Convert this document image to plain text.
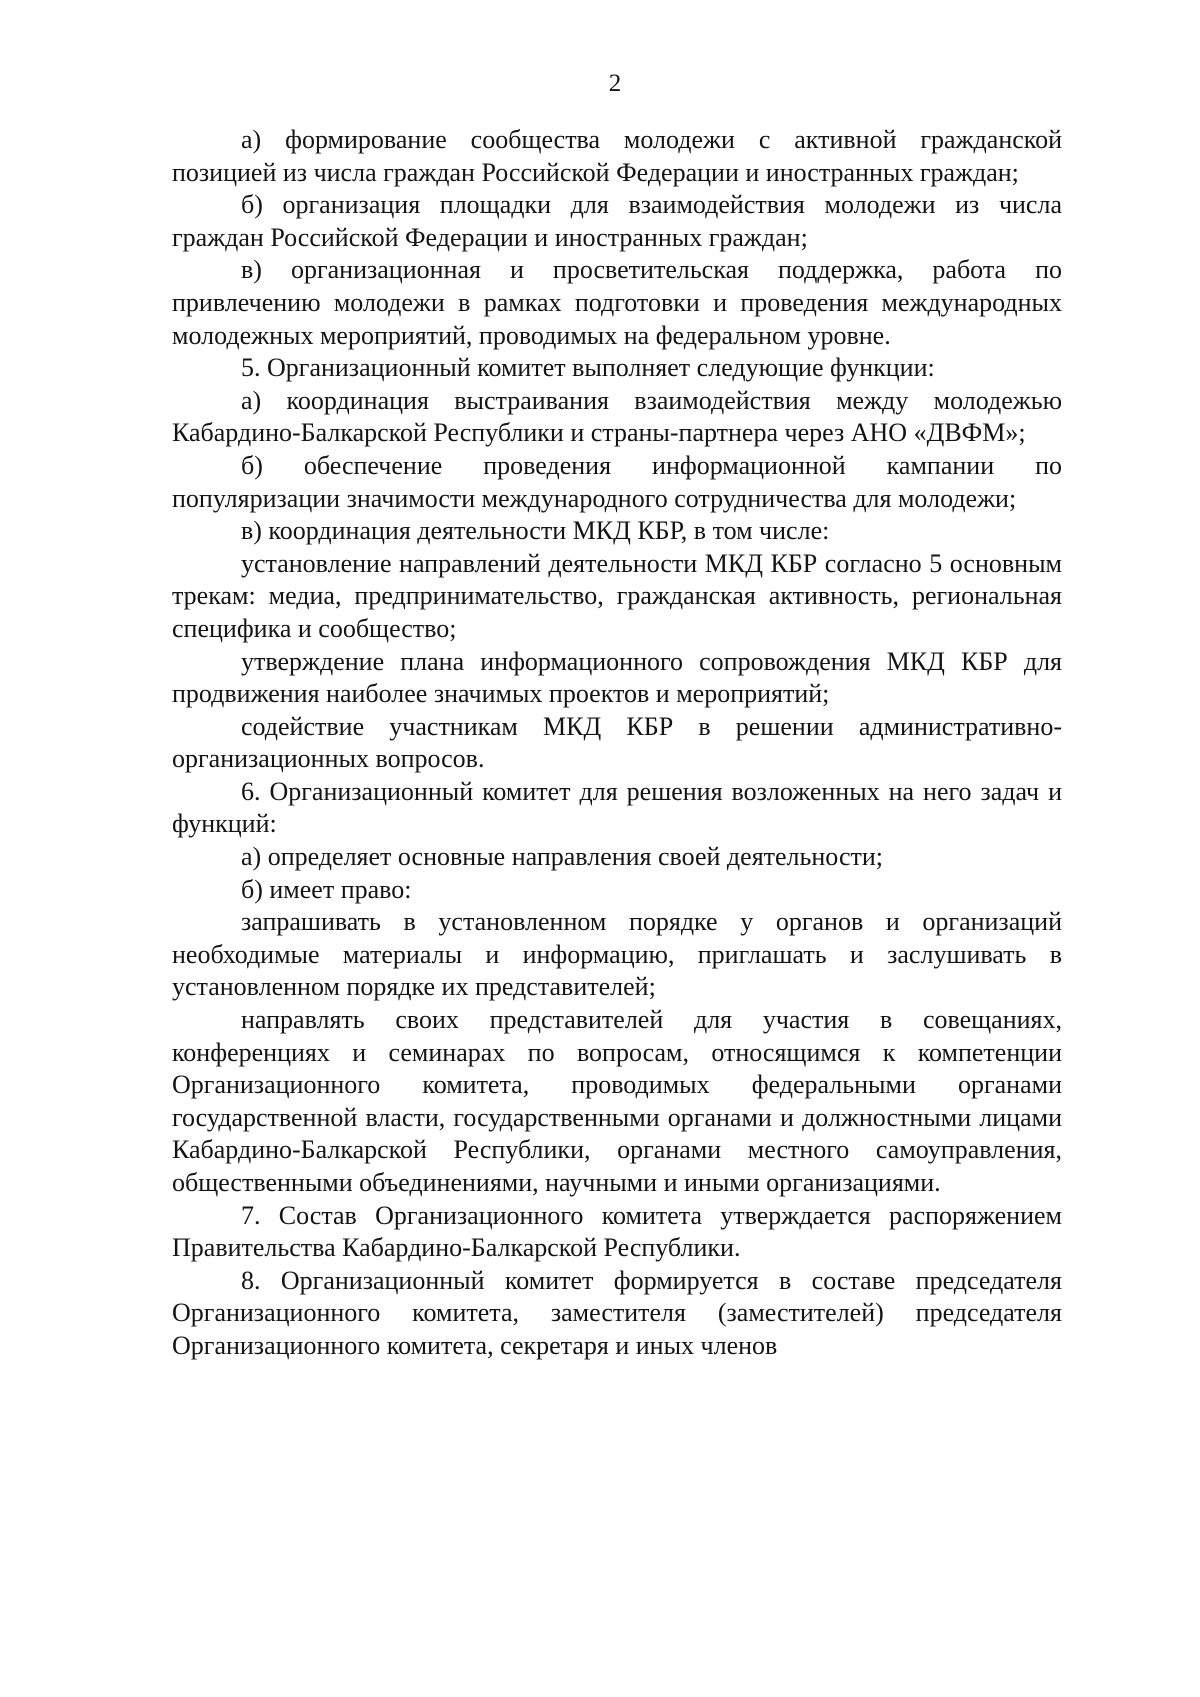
2

а) формирование сообщества молодежи с активной гражданской позицией из числа граждан Российской Федерации и иностранных граждан;

б) организация площадки для взаимодействия молодежи из числа граждан Российской Федерации и иностранных граждан;

в) организационная и просветительская поддержка, работа по привлечению молодежи в рамках подготовки и проведения международных молодежных мероприятий, проводимых на федеральном уровне.

5. Организационный комитет выполняет следующие функции:

а) координация выстраивания взаимодействия между молодежью Кабардино-Балкарской Республики и страны-партнера через АНО «ДВФМ»;

б) обеспечение проведения информационной кампании по популяризации значимости международного сотрудничества для молодежи;

в) координация деятельности МКД КБР, в том числе:

установление направлений деятельности МКД КБР согласно 5 основным трекам: медиа, предпринимательство, гражданская активность, региональная специфика и сообщество;

утверждение плана информационного сопровождения МКД КБР для продвижения наиболее значимых проектов и мероприятий;

содействие участникам МКД КБР в решении административно-организационных вопросов.

6. Организационный комитет для решения возложенных на него задач и функций:

а) определяет основные направления своей деятельности;

б) имеет право:

запрашивать в установленном порядке у органов и организаций необходимые материалы и информацию, приглашать и заслушивать в установленном порядке их представителей;

направлять своих представителей для участия в совещаниях, конференциях и семинарах по вопросам, относящимся к компетенции Организационного комитета, проводимых федеральными органами государственной власти, государственными органами и должностными лицами Кабардино-Балкарской Республики, органами местного самоуправления, общественными объединениями, научными и иными организациями.

7. Состав Организационного комитета утверждается распоряжением Правительства Кабардино-Балкарской Республики.

8. Организационный комитет формируется в составе председателя Организационного комитета, заместителя (заместителей) председателя Организационного комитета, секретаря и иных членов
